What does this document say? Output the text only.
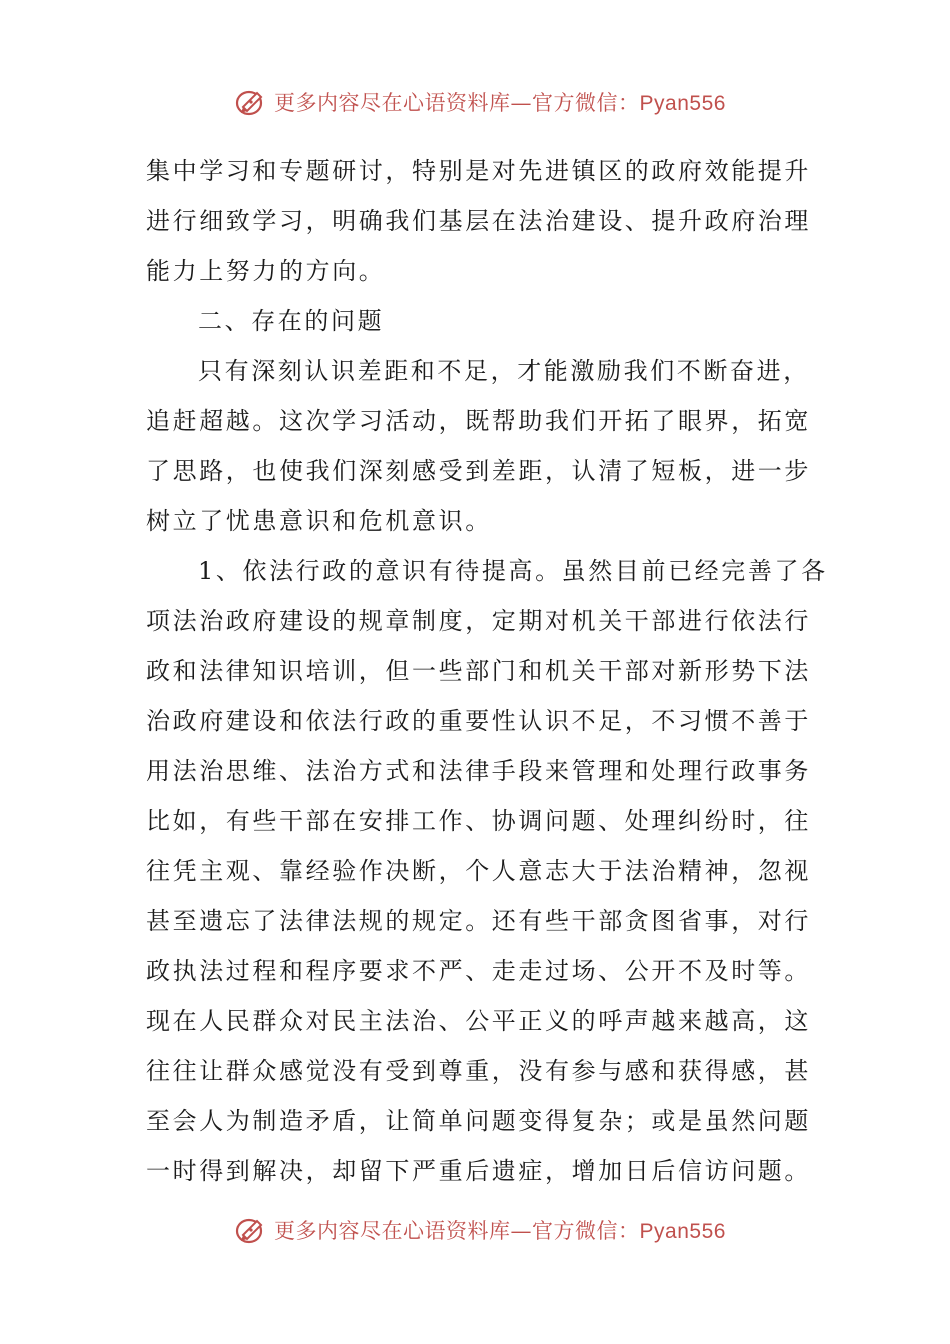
更多内容尽在心语资料库—官方微信：Pyan556
集中学习和专题研讨，特别是对先进镇区的政府效能提升
进行细致学习，明确我们基层在法治建设、提升政府治理
能力上努力的方向。
二、存在的问题
只有深刻认识差距和不足，才能激励我们不断奋进，
追赶超越。这次学习活动，既帮助我们开拓了眼界，拓宽
了思路，也使我们深刻感受到差距，认清了短板，进一步
树立了忧患意识和危机意识。
1、依法行政的意识有待提高。虽然目前已经完善了各
项法治政府建设的规章制度，定期对机关干部进行依法行
政和法律知识培训，但一些部门和机关干部对新形势下法
治政府建设和依法行政的重要性认识不足，不习惯不善于
用法治思维、法治方式和法律手段来管理和处理行政事务
比如，有些干部在安排工作、协调问题、处理纠纷时，往
往凭主观、靠经验作决断，个人意志大于法治精神，忽视
甚至遗忘了法律法规的规定。还有些干部贪图省事，对行
政执法过程和程序要求不严、走走过场、公开不及时等。
现在人民群众对民主法治、公平正义的呼声越来越高，这
往往让群众感觉没有受到尊重，没有参与感和获得感，甚
至会人为制造矛盾，让简单问题变得复杂；或是虽然问题
一时得到解决，却留下严重后遗症，增加日后信访问题。
更多内容尽在心语资料库—官方微信：Pyan556
